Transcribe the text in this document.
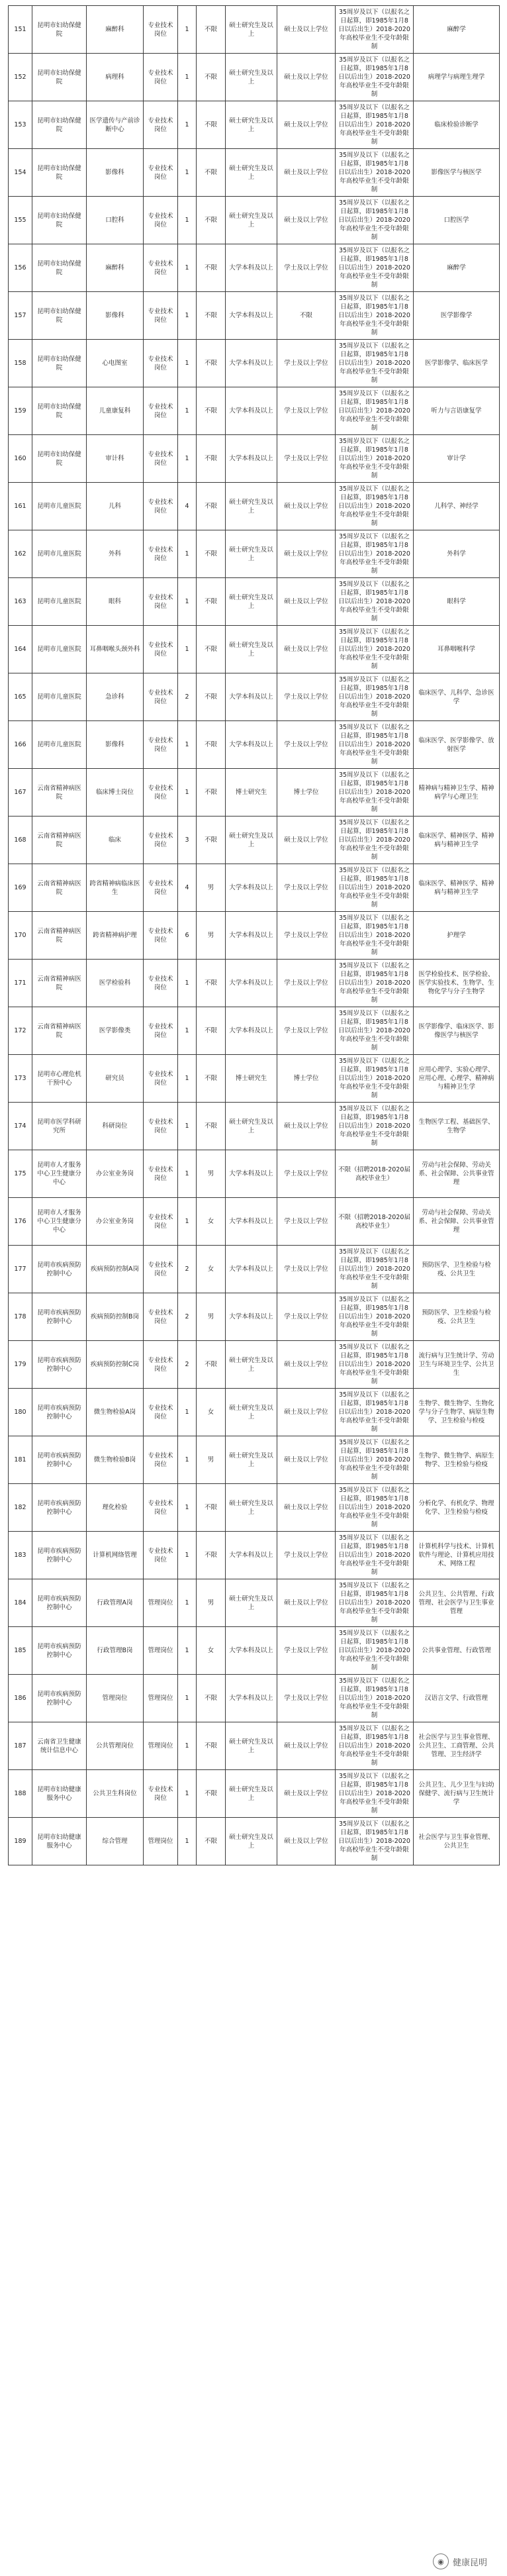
151	昆明市妇幼保健院	麻醉科	专业技术岗位	1	不限	硕士研究生及以上	硕士及以上学位	35周岁及以下（以报名之日起算，即1985年1月8日以后出生）2018-2020年高校毕业生不受年龄限制	麻醉学
152	昆明市妇幼保健院	病理科	专业技术岗位	1	不限	硕士研究生及以上	硕士及以上学位	35周岁及以下（以报名之日起算，即1985年1月8日以后出生）2018-2020年高校毕业生不受年龄限制	病理学与病理生理学
153	昆明市妇幼保健院	医学遗传与产前诊断中心	专业技术岗位	1	不限	硕士研究生及以上	硕士及以上学位	35周岁及以下（以报名之日起算，即1985年1月8日以后出生）2018-2020年高校毕业生不受年龄限制	临床检验诊断学
154	昆明市妇幼保健院	影像科	专业技术岗位	1	不限	硕士研究生及以上	硕士及以上学位	35周岁及以下（以报名之日起算，即1985年1月8日以后出生）2018-2020年高校毕业生不受年龄限制	影像医学与核医学
155	昆明市妇幼保健院	口腔科	专业技术岗位	1	不限	硕士研究生及以上	硕士及以上学位	35周岁及以下（以报名之日起算，即1985年1月8日以后出生）2018-2020年高校毕业生不受年龄限制	口腔医学
156	昆明市妇幼保健院	麻醉科	专业技术岗位	1	不限	大学本科及以上	学士及以上学位	35周岁及以下（以报名之日起算，即1985年1月8日以后出生）2018-2020年高校毕业生不受年龄限制	麻醉学
157	昆明市妇幼保健院	影像科	专业技术岗位	1	不限	大学本科及以上	不限	35周岁及以下（以报名之日起算，即1985年1月8日以后出生）2018-2020年高校毕业生不受年龄限制	医学影像学
158	昆明市妇幼保健院	心电图室	专业技术岗位	1	不限	大学本科及以上	学士及以上学位	35周岁及以下（以报名之日起算，即1985年1月8日以后出生）2018-2020年高校毕业生不受年龄限制	医学影像学、临床医学
159	昆明市妇幼保健院	儿童康复科	专业技术岗位	1	不限	大学本科及以上	学士及以上学位	35周岁及以下（以报名之日起算，即1985年1月8日以后出生）2018-2020年高校毕业生不受年龄限制	听力与言语康复学
160	昆明市妇幼保健院	审计科	专业技术岗位	1	不限	大学本科及以上	学士及以上学位	35周岁及以下（以报名之日起算，即1985年1月8日以后出生）2018-2020年高校毕业生不受年龄限制	审计学
161	昆明市儿童医院	儿科	专业技术岗位	4	不限	硕士研究生及以上	硕士及以上学位	35周岁及以下（以报名之日起算，即1985年1月8日以后出生）2018-2020年高校毕业生不受年龄限制	儿科学、神经学
162	昆明市儿童医院	外科	专业技术岗位	1	不限	硕士研究生及以上	硕士及以上学位	35周岁及以下（以报名之日起算，即1985年1月8日以后出生）2018-2020年高校毕业生不受年龄限制	外科学
163	昆明市儿童医院	眼科	专业技术岗位	1	不限	硕士研究生及以上	硕士及以上学位	35周岁及以下（以报名之日起算，即1985年1月8日以后出生）2018-2020年高校毕业生不受年龄限制	眼科学
164	昆明市儿童医院	耳鼻咽喉头颈外科	专业技术岗位	1	不限	硕士研究生及以上	硕士及以上学位	35周岁及以下（以报名之日起算，即1985年1月8日以后出生）2018-2020年高校毕业生不受年龄限制	耳鼻咽喉科学
165	昆明市儿童医院	急诊科	专业技术岗位	2	不限	大学本科及以上	学士及以上学位	35周岁及以下（以报名之日起算，即1985年1月8日以后出生）2018-2020年高校毕业生不受年龄限制	临床医学、儿科学、急诊医学
166	昆明市儿童医院	影像科	专业技术岗位	1	不限	大学本科及以上	学士及以上学位	35周岁及以下（以报名之日起算，即1985年1月8日以后出生）2018-2020年高校毕业生不受年龄限制	临床医学、医学影像学、放射医学
167	云南省精神病医院	临床博士岗位	专业技术岗位	1	不限	博士研究生	博士学位	35周岁及以下（以报名之日起算，即1985年1月8日以后出生）2018-2020年高校毕业生不受年龄限制	精神病与精神卫生学、精神病学与心理卫生
168	云南省精神病医院	临床	专业技术岗位	3	不限	硕士研究生及以上	硕士及以上学位	35周岁及以下（以报名之日起算，即1985年1月8日以后出生）2018-2020年高校毕业生不受年龄限制	临床医学、精神医学、精神病与精神卫生学
169	云南省精神病医院	跨省精神病临床医生	专业技术岗位	4	男	大学本科及以上	学士及以上学位	35周岁及以下（以报名之日起算，即1985年1月8日以后出生）2018-2020年高校毕业生不受年龄限制	临床医学、精神医学、精神病与精神卫生学
170	云南省精神病医院	跨省精神病护理	专业技术岗位	6	男	大学本科及以上	学士及以上学位	35周岁及以下（以报名之日起算，即1985年1月8日以后出生）2018-2020年高校毕业生不受年龄限制	护理学
171	云南省精神病医院	医学检验科	专业技术岗位	1	不限	大学本科及以上	学士及以上学位	35周岁及以下（以报名之日起算，即1985年1月8日以后出生）2018-2020年高校毕业生不受年龄限制	医学检验技术、医学检验、医学实验技术、生物学、生物化学与分子生物学
172	云南省精神病医院	医学影像类	专业技术岗位	1	不限	大学本科及以上	学士及以上学位	35周岁及以下（以报名之日起算，即1985年1月8日以后出生）2018-2020年高校毕业生不受年龄限制	医学影像学、临床医学、影像医学与核医学
173	昆明市心理危机干预中心	研究员	专业技术岗位	1	不限	博士研究生	博士学位	35周岁及以下（以报名之日起算，即1985年1月8日以后出生）2018-2020年高校毕业生不受年龄限制	应用心理学、实验心理学、应用心理、心理学、精神病与精神卫生学
174	昆明市医学科研究所	科研岗位	专业技术岗位	1	不限	硕士研究生及以上	硕士及以上学位	35周岁及以下（以报名之日起算，即1985年1月8日以后出生）2018-2020年高校毕业生不受年龄限制	生物医学工程、基础医学、生物学
175	昆明市人才服务中心卫生健康分中心	办公室业务岗	专业技术岗位	1	男	大学本科及以上	学士及以上学位	不限（招聘2018-2020届高校毕业生）	劳动与社会保障、劳动关系、社会保障、公共事业管理
176	昆明市人才服务中心卫生健康分中心	办公室业务岗	专业技术岗位	1	女	大学本科及以上	学士及以上学位	不限（招聘2018-2020届高校毕业生）	劳动与社会保障、劳动关系、社会保障、公共事业管理
177	昆明市疾病预防控制中心	疾病预防控制A岗	专业技术岗位	2	女	大学本科及以上	学士及以上学位	35周岁及以下（以报名之日起算，即1985年1月8日以后出生）2018-2020年高校毕业生不受年龄限制	预防医学、卫生检验与检疫、公共卫生
178	昆明市疾病预防控制中心	疾病预防控制B岗	专业技术岗位	2	男	大学本科及以上	学士及以上学位	35周岁及以下（以报名之日起算，即1985年1月8日以后出生）2018-2020年高校毕业生不受年龄限制	预防医学、卫生检验与检疫、公共卫生
179	昆明市疾病预防控制中心	疾病预防控制C岗	专业技术岗位	2	不限	硕士研究生及以上	硕士及以上学位	35周岁及以下（以报名之日起算，即1985年1月8日以后出生）2018-2020年高校毕业生不受年龄限制	流行病与卫生统计学、劳动卫生与环境卫生学、公共卫生
180	昆明市疾病预防控制中心	微生物检验A岗	专业技术岗位	1	女	硕士研究生及以上	硕士及以上学位	35周岁及以下（以报名之日起算，即1985年1月8日以后出生）2018-2020年高校毕业生不受年龄限制	生物学、微生物学、生物化学与分子生物学、病原生物学、卫生检验与检疫
181	昆明市疾病预防控制中心	微生物检验B岗	专业技术岗位	1	男	硕士研究生及以上	硕士及以上学位	35周岁及以下（以报名之日起算，即1985年1月8日以后出生）2018-2020年高校毕业生不受年龄限制	生物学、微生物学、病原生物学、卫生检验与检疫
182	昆明市疾病预防控制中心	理化检验	专业技术岗位	1	不限	硕士研究生及以上	硕士及以上学位	35周岁及以下（以报名之日起算，即1985年1月8日以后出生）2018-2020年高校毕业生不受年龄限制	分析化学、有机化学、物理化学、卫生检验与检疫
183	昆明市疾病预防控制中心	计算机网络管理	专业技术岗位	1	不限	大学本科及以上	学士及以上学位	35周岁及以下（以报名之日起算，即1985年1月8日以后出生）2018-2020年高校毕业生不受年龄限制	计算机科学与技术、计算机软件与理论、计算机应用技术、网络工程
184	昆明市疾病预防控制中心	行政管理A岗	管理岗位	1	男	硕士研究生及以上	硕士及以上学位	35周岁及以下（以报名之日起算，即1985年1月8日以后出生）2018-2020年高校毕业生不受年龄限制	公共卫生、公共管理、行政管理、社会医学与卫生事业管理
185	昆明市疾病预防控制中心	行政管理B岗	管理岗位	1	女	大学本科及以上	学士及以上学位	35周岁及以下（以报名之日起算，即1985年1月8日以后出生）2018-2020年高校毕业生不受年龄限制	公共事业管理、行政管理
186	昆明市疾病预防控制中心	管理岗位	管理岗位	1	不限	大学本科及以上	学士及以上学位	35周岁及以下（以报名之日起算，即1985年1月8日以后出生）2018-2020年高校毕业生不受年龄限制	汉语言文学、行政管理
187	云南省卫生健康统计信息中心	公共管理岗位	管理岗位	1	不限	硕士研究生及以上	硕士及以上学位	35周岁及以下（以报名之日起算，即1985年1月8日以后出生）2018-2020年高校毕业生不受年龄限制	社会医学与卫生事业管理、公共卫生、工商管理、公共管理、卫生经济学
188	昆明市妇幼健康服务中心	公共卫生科岗位	专业技术岗位	1	不限	硕士研究生及以上	硕士及以上学位	35周岁及以下（以报名之日起算，即1985年1月8日以后出生）2018-2020年高校毕业生不受年龄限制	公共卫生、儿少卫生与妇幼保健学、流行病与卫生统计学
189	昆明市妇幼健康服务中心	综合管理	管理岗位	1	不限	硕士研究生及以上	硕士及以上学位	35周岁及以下（以报名之日起算，即1985年1月8日以后出生）2018-2020年高校毕业生不受年龄限制	社会医学与卫生事业管理、公共卫生
◉	健康昆明
